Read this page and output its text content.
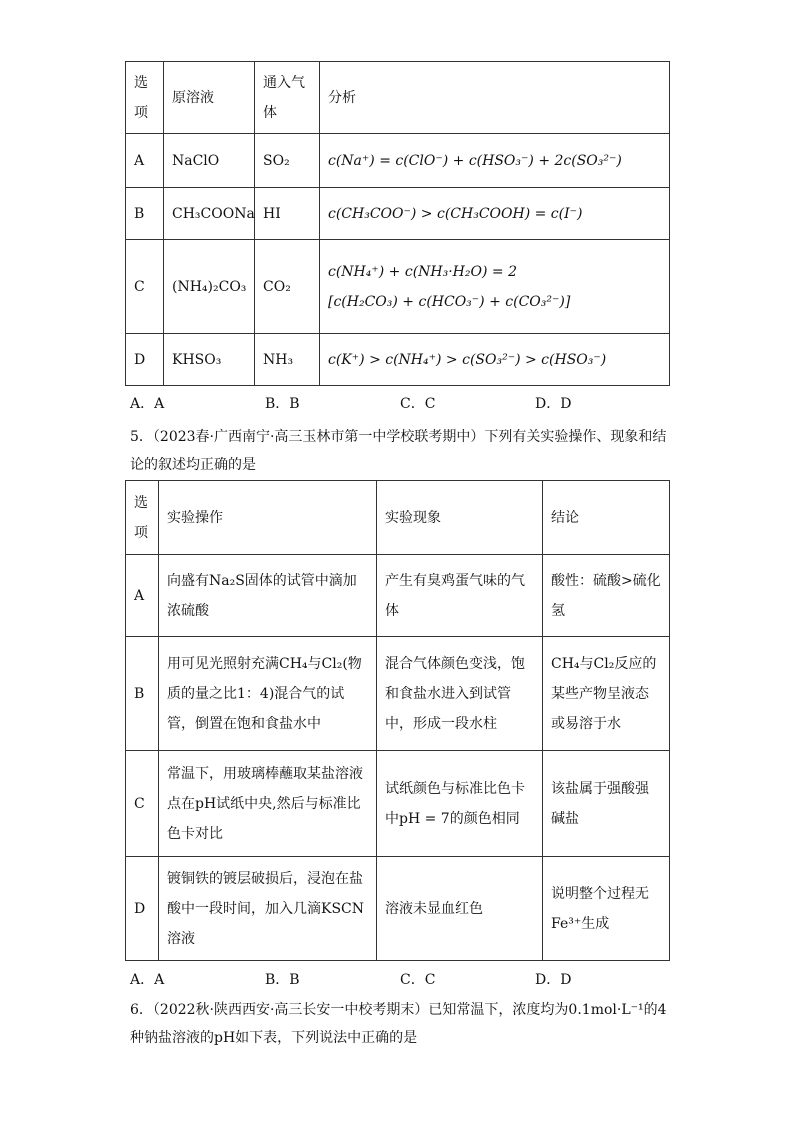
选项	原溶液	通入气体	分析
A	NaClO	SO₂	c(Na⁺) = c(ClO⁻) + c(HSO₃⁻) + 2c(SO₃²⁻)
B	CH₃COONa	HI	c(CH₃COO⁻) > c(CH₃COOH) = c(I⁻)
C	(NH₄)₂CO₃	CO₂	c(NH₄⁺) + c(NH₃·H₂O) = 2
[c(H₂CO₃) + c(HCO₃⁻) + c(CO₃²⁻)]

D	KHSO₃	NH₃	c(K⁺) > c(NH₄⁺) > c(SO₃²⁻) > c(HSO₃⁻)
A．A	B．B	C．C	D．D
5．（2023春·广西南宁·高三玉林市第一中学校联考期中）下列有关实验操作、现象和结论的叙述均正确的是
选项	实验操作	实验现象	结论
A	向盛有Na₂S固体的试管中滴加浓硫酸	产生有臭鸡蛋气味的气体	酸性：硫酸>硫化氢
B	用可见光照射充满CH₄与Cl₂(物质的量之比1：4)混合气的试管，倒置在饱和食盐水中	混合气体颜色变浅，饱和食盐水进入到试管中，形成一段水柱	CH₄与Cl₂反应的某些产物呈液态或易溶于水
C	常温下，用玻璃棒蘸取某盐溶液点在pH试纸中央,然后与标准比色卡对比	试纸颜色与标准比色卡中pH = 7的颜色相同	该盐属于强酸强碱盐
D	镀铜铁的镀层破损后，浸泡在盐酸中一段时间，加入几滴KSCN溶液	溶液未显血红色	说明整个过程无Fe³⁺生成
A．A	B．B	C．C	D．D
6．（2022秋·陕西西安·高三长安一中校考期末）已知常温下，浓度均为0.1mol·L⁻¹的4种钠盐溶液的pH如下表，下列说法中正确的是
